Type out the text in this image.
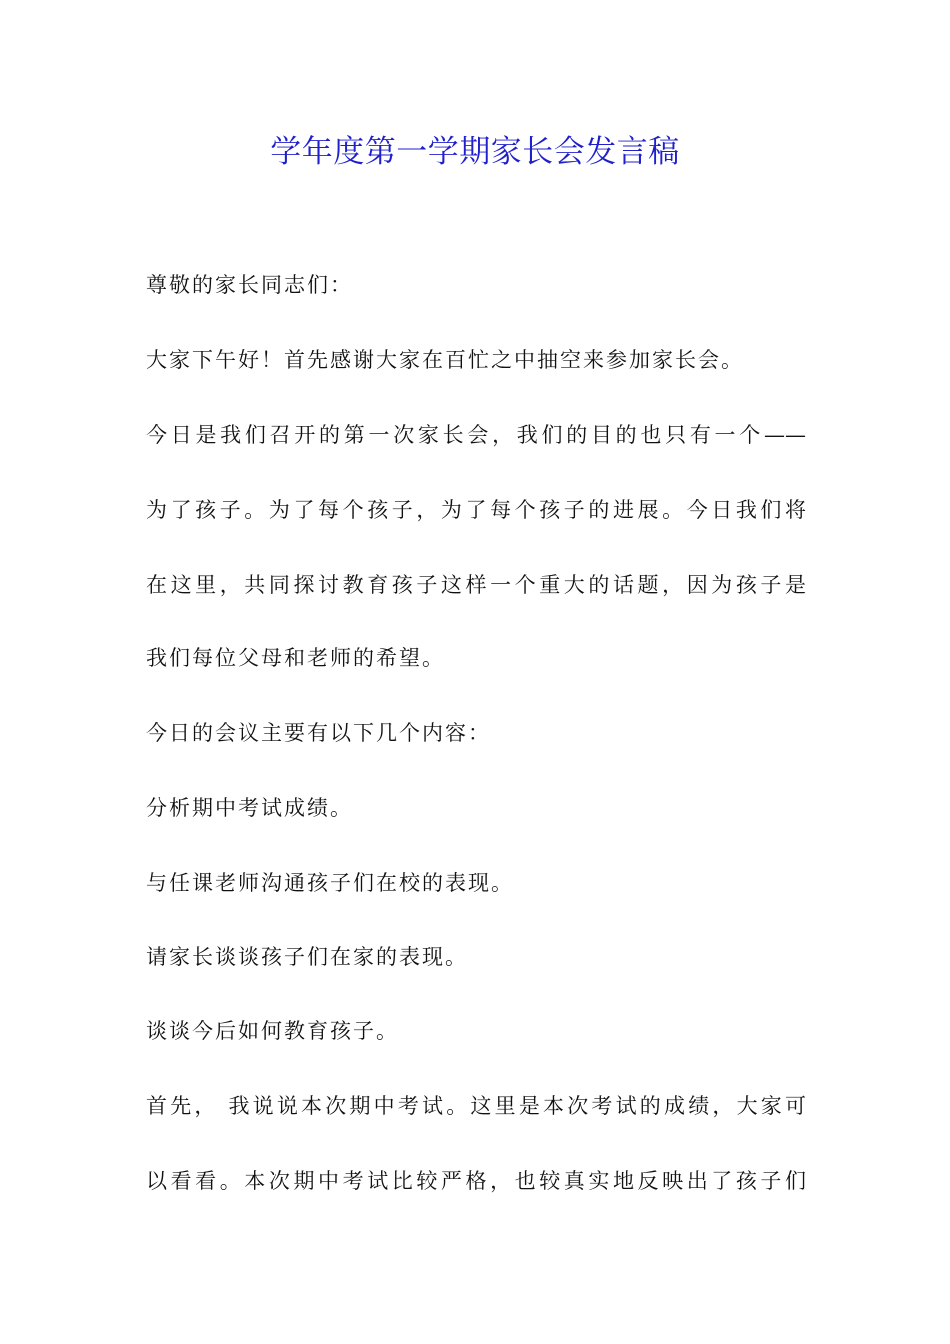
学年度第一学期家长会发言稿
尊敬的家长同志们：
大家下午好！首先感谢大家在百忙之中抽空来参加家长会。
今日是我们召开的第一次家长会，我们的目的也只有一个——
为了孩子。为了每个孩子，为了每个孩子的进展。今日我们将
在这里，共同探讨教育孩子这样一个重大的话题，因为孩子是
我们每位父母和老师的希望。
今日的会议主要有以下几个内容：
分析期中考试成绩。
与任课老师沟通孩子们在校的表现。
请家长谈谈孩子们在家的表现。
谈谈今后如何教育孩子。
首先， 我说说本次期中考试。这里是本次考试的成绩，大家可
以看看。本次期中考试比较严格，也较真实地反映出了孩子们
